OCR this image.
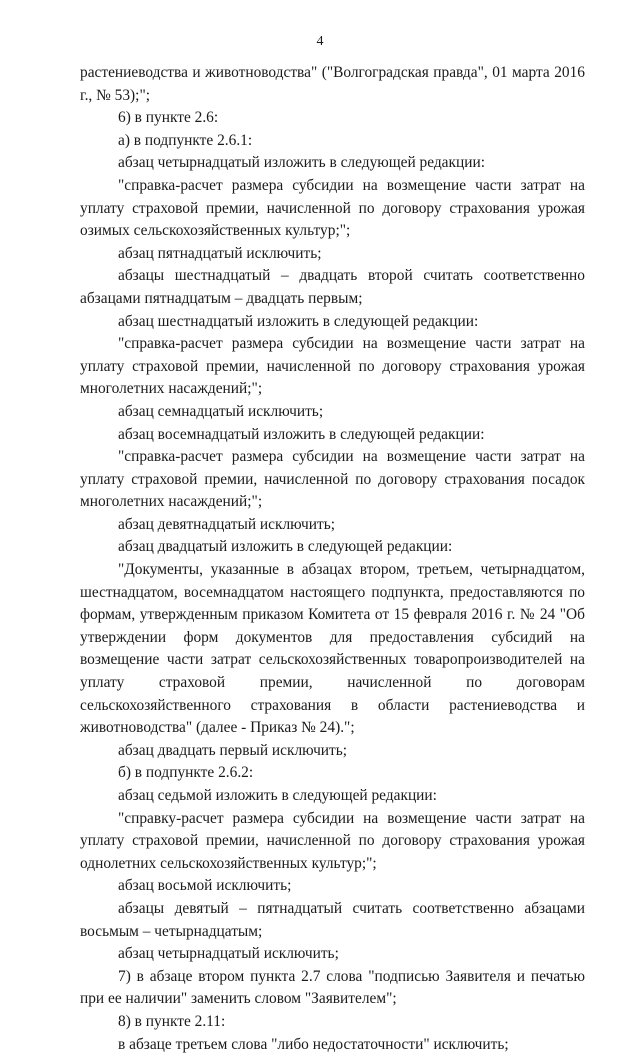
4

растениеводства и животноводства" ("Волгоградская правда", 01 марта 2016 г., № 53);";

6) в пункте 2.6:

а) в подпункте 2.6.1:

абзац четырнадцатый изложить в следующей редакции:

"справка-расчет размера субсидии на возмещение части затрат на уплату страховой премии, начисленной по договору страхования урожая озимых сельскохозяйственных культур;";

абзац пятнадцатый исключить;

абзацы шестнадцатый – двадцать второй считать соответственно абзацами пятнадцатым – двадцать первым;

абзац шестнадцатый изложить в следующей редакции:

"справка-расчет размера субсидии на возмещение части затрат на уплату страховой премии, начисленной по договору страхования урожая многолетних насаждений;";

абзац семнадцатый исключить;

абзац восемнадцатый изложить в следующей редакции:

"справка-расчет размера субсидии на возмещение части затрат на уплату страховой премии, начисленной по договору страхования посадок многолетних насаждений;";

абзац девятнадцатый исключить;

абзац двадцатый изложить в следующей редакции:

"Документы, указанные в абзацах втором, третьем, четырнадцатом, шестнадцатом, восемнадцатом настоящего подпункта, предоставляются по формам, утвержденным приказом Комитета от 15 февраля 2016 г. № 24 "Об утверждении форм документов для предоставления субсидий на возмещение части затрат сельскохозяйственных товаропроизводителей на уплату страховой премии, начисленной по договорам сельскохозяйственного страхования в области растениеводства и животноводства" (далее - Приказ № 24).";

абзац двадцать первый исключить;

б) в подпункте 2.6.2:

абзац седьмой изложить в следующей редакции:

"справку-расчет размера субсидии на возмещение части затрат на уплату страховой премии, начисленной по договору страхования урожая однолетних сельскохозяйственных культур;";

абзац восьмой исключить;

абзацы девятый – пятнадцатый считать соответственно абзацами восьмым – четырнадцатым;

абзац четырнадцатый исключить;

7) в абзаце втором пункта 2.7 слова "подписью Заявителя и печатью при ее наличии" заменить словом "Заявителем";

8) в пункте 2.11:

в абзаце третьем слова "либо недостаточности" исключить;
